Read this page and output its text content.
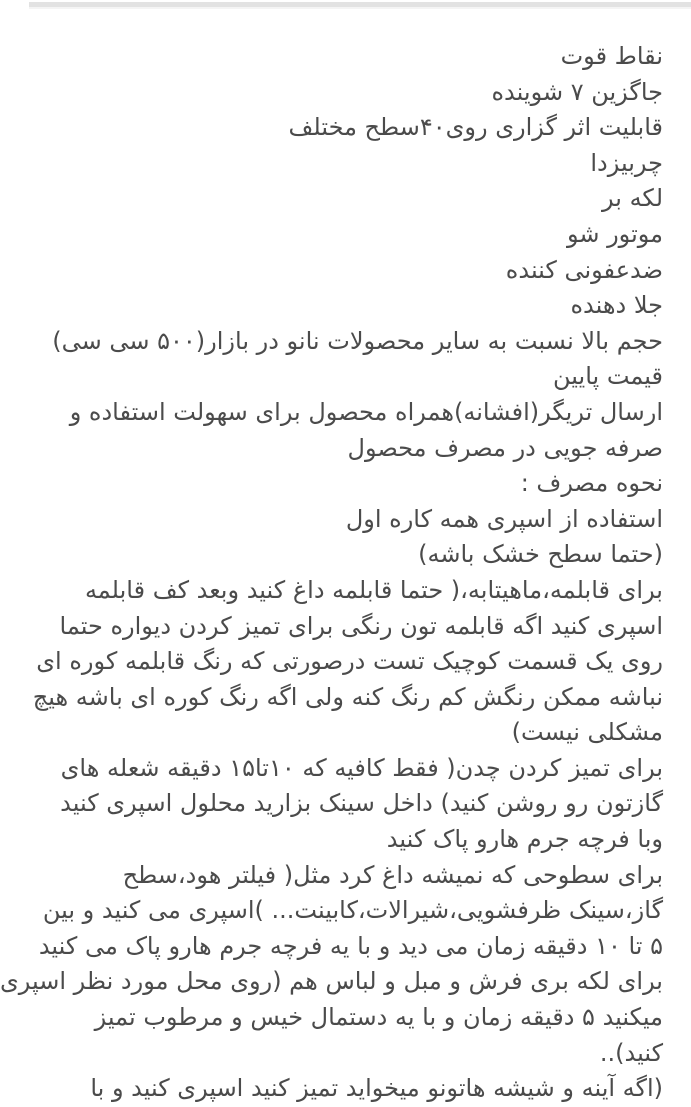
نقاط قوت
جاگزین ۷ شوینده
قابلیت اثر گزاری روی۴۰سطح مختلف
چربیزدا
لکه بر
موتور شو
ضدعفونی کننده
جلا دهنده
حجم بالا نسبت به سایر محصولات نانو در بازار(۵۰۰ سی سی)
قیمت پایین
ارسال تریگر(افشانه)همراه محصول برای سهولت استفاده و
صرفه جویی در مصرف محصول
نحوه مصرف :
استفاده از اسپری همه کاره اول
(حتما سطح خشک باشه)
برای قابلمه،ماهیتابه،( حتما قابلمه داغ کنید وبعد کف قابلمه
اسپری کنید اگه قابلمه تون رنگی برای تمیز کردن دیواره حتما
روی یک قسمت کوچیک تست درصورتی که رنگ قابلمه کوره ای
نباشه ممکن رنگش کم رنگ کنه ولی اگه رنگ کوره ای باشه هیچ
مشکلی نیست)
برای تمیز کردن چدن( فقط کافیه که ۱۰تا۱۵ دقیقه شعله های
گازتون رو روشن کنید) داخل سینک بزارید محلول اسپری کنید
وبا فرچه جرم هارو پاک کنید
برای سطوحی که نمیشه داغ کرد مثل( فیلتر هود،سطح
گاز،سینک ظرفشویی،شیرالات،کابینت... )اسپری می کنید و بین
۵ تا ۱۰ دقیقه زمان می دید و با یه فرچه جرم هارو پاک می کنید
برای لکه بری فرش و مبل و لباس هم (روی محل مورد نظر اسپری
میکنید ۵ دقیقه زمان و با یه دستمال خیس و مرطوب تمیز
کنید)..
(اگه آینه و شیشه هاتونو میخواید تمیز کنید اسپری کنید و با
